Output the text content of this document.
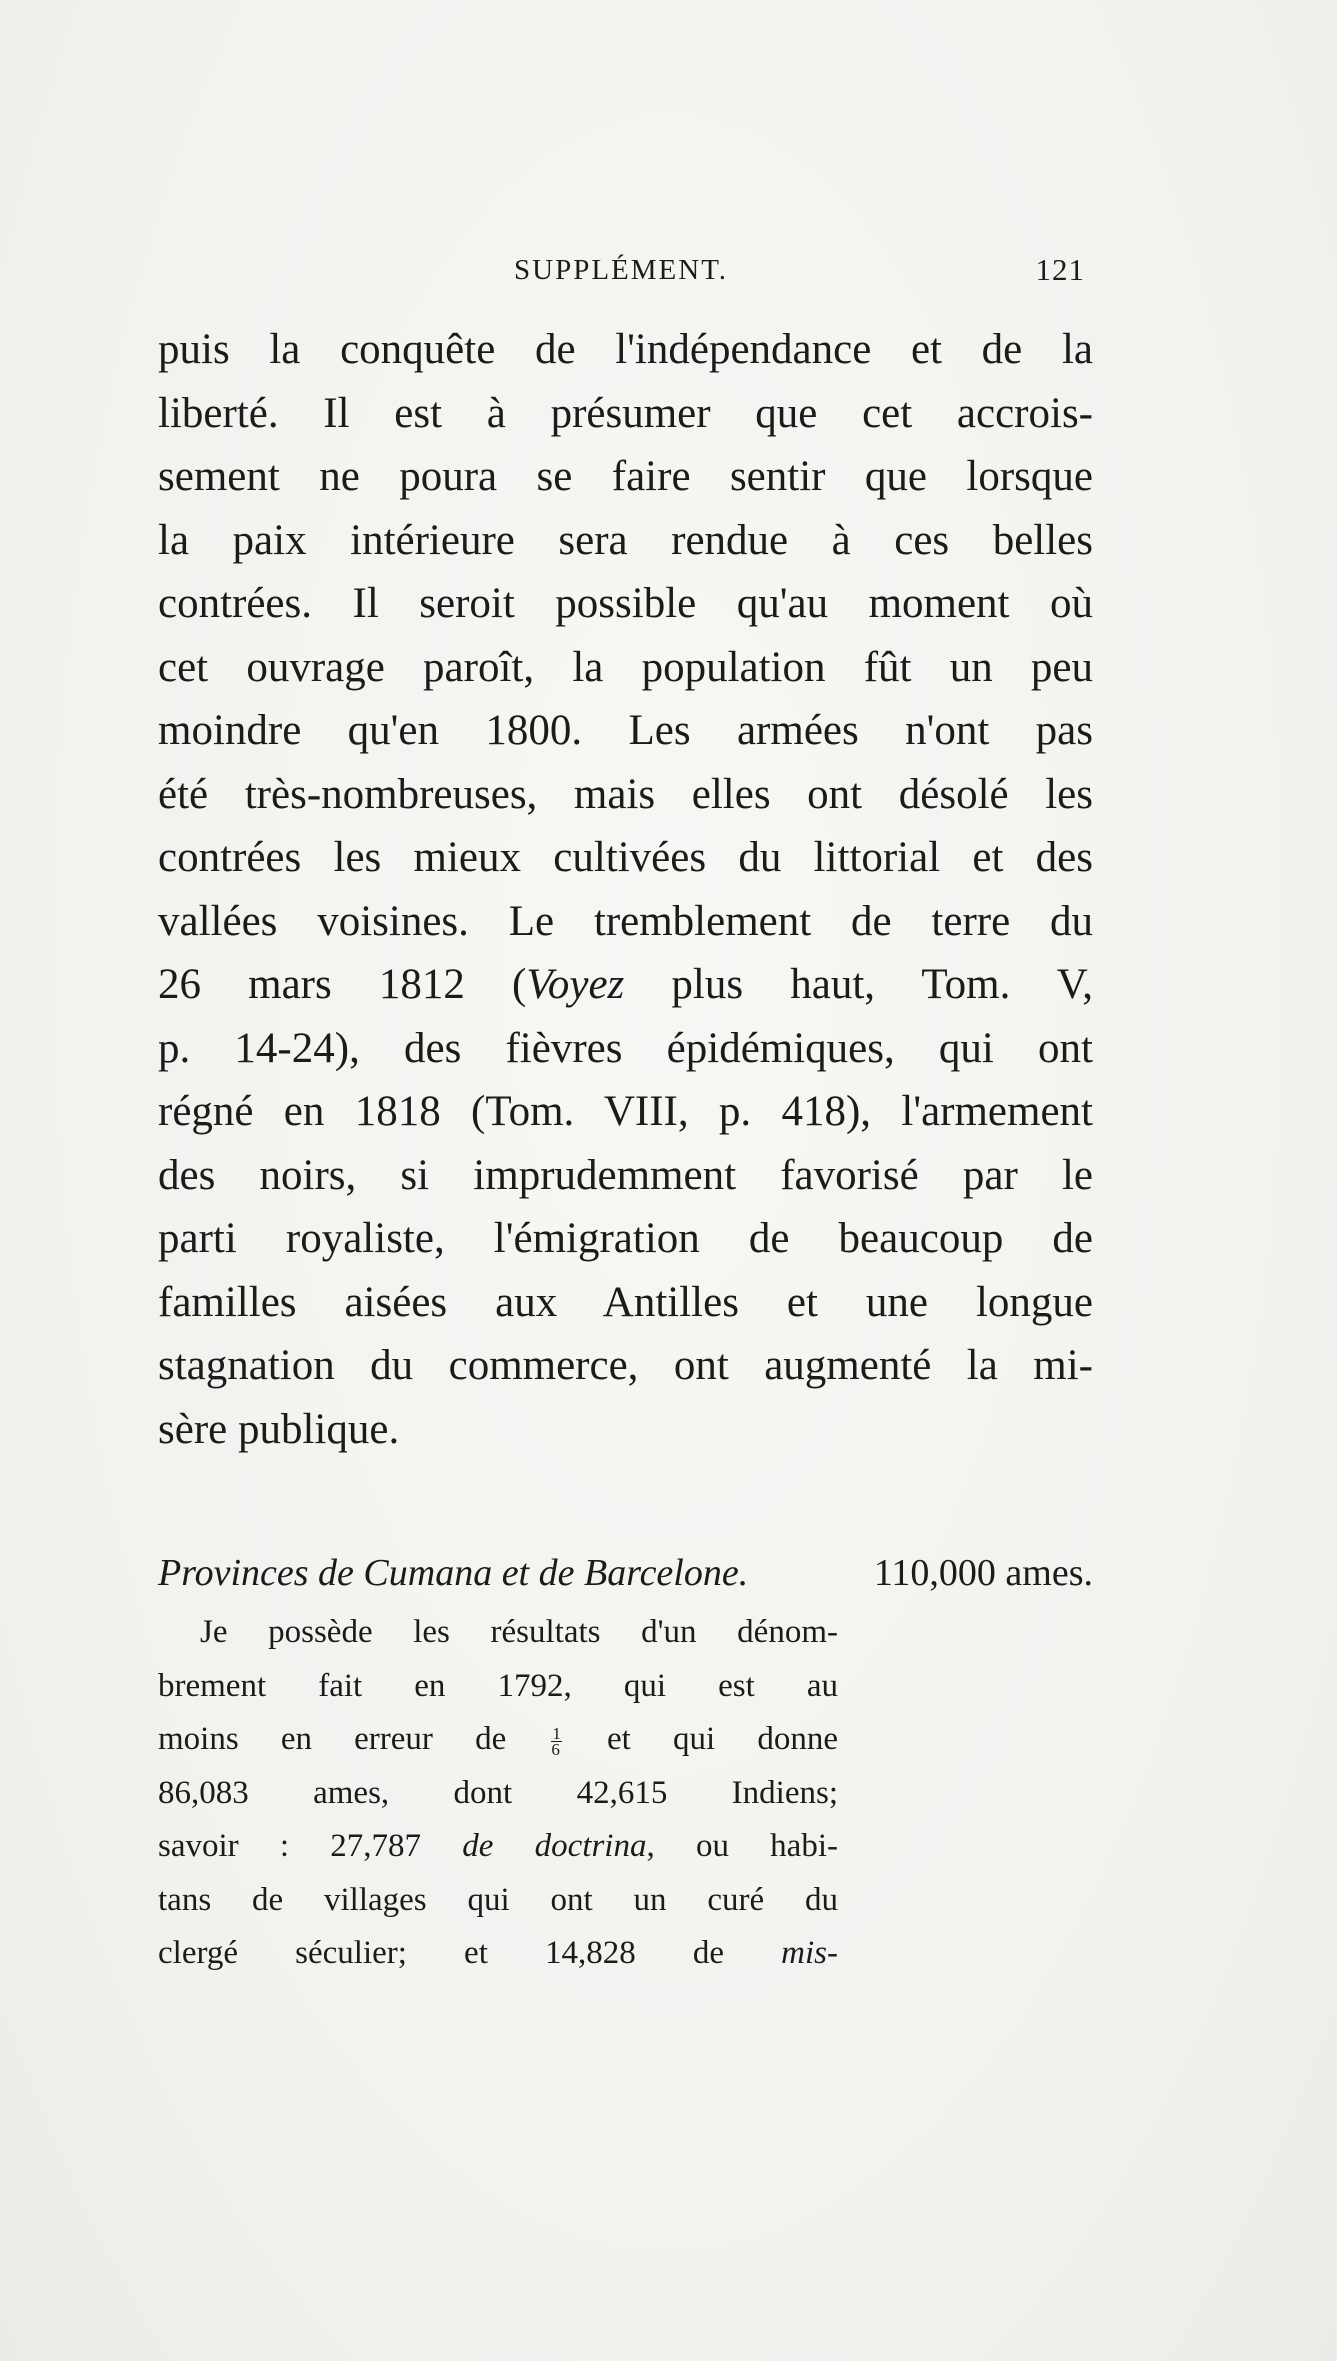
SUPPLÉMENT.	121
puis la conquête de l'indépendance et de la
liberté. Il est à présumer que cet accrois-
sement ne poura se faire sentir que lorsque
la paix intérieure sera rendue à ces belles
contrées. Il seroit possible qu'au moment où
cet ouvrage paroît, la population fût un peu
moindre qu'en 1800. Les armées n'ont pas
été très-nombreuses, mais elles ont désolé les
contrées les mieux cultivées du littorial et des
vallées voisines. Le tremblement de terre du
26 mars 1812 (Voyez plus haut, Tom. V,
p. 14-24), des fièvres épidémiques, qui ont
régné en 1818 (Tom. VIII, p. 418), l'armement
des noirs, si imprudemment favorisé par le
parti royaliste, l'émigration de beaucoup de
familles aisées aux Antilles et une longue
stagnation du commerce, ont augmenté la mi-
sère publique.
Provinces de Cumana et de Barcelone.	110,000 ames.
Je possède les résultats d'un dénom-
brement fait en 1792, qui est au
moins en erreur de $\frac{1}{6}$ et qui donne
86,083 ames, dont 42,615 Indiens;
savoir : 27,787 de doctrina, ou habi-
tans de villages qui ont un curé du
clergé séculier; et 14,828 de mis-
